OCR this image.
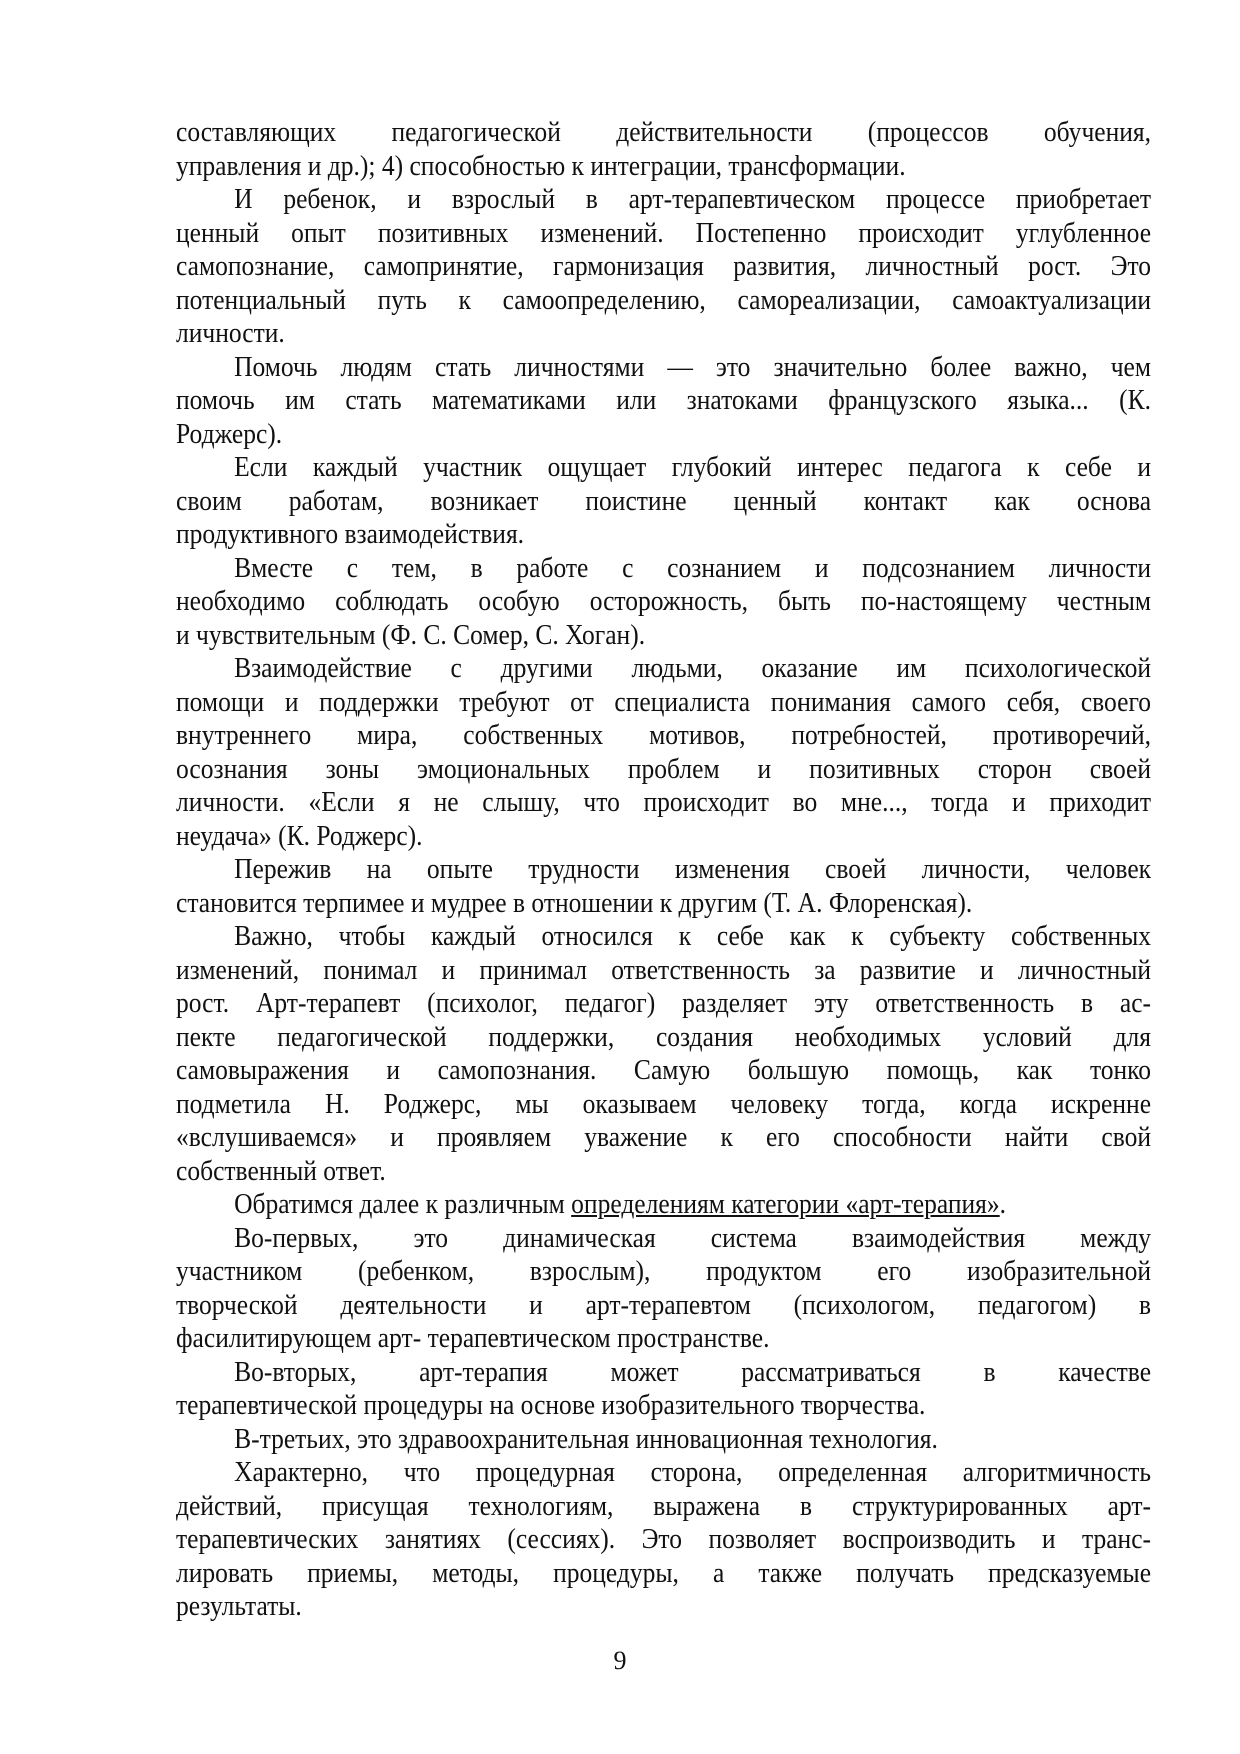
составляющих педагогической действительности (процессов обучения,
управления и др.); 4) способностью к интеграции, трансформации.
И ребенок, и взрослый в арт-терапевтическом процессе приобретает
ценный опыт позитивных изменений. Постепенно происходит углубленное
самопознание, самопринятие, гармонизация развития, личностный рост. Это
потенциальный путь к самоопределению, самореализации, самоактуализации
личности.
Помочь людям стать личностями — это значительно более важно, чем
помочь им стать математиками или знатоками французского языка... (К.
Роджерс).
Если каждый участник ощущает глубокий интерес педагога к себе и
своим работам, возникает поистине ценный контакт как основа
продуктивного взаимодействия.
Вместе с тем, в работе с сознанием и подсознанием личности
необходимо соблюдать особую осторожность, быть по-настоящему честным
и чувствительным (Ф. С. Сомер, С. Хоган).
Взаимодействие с другими людьми, оказание им психологической
помощи и поддержки требуют от специалиста понимания самого себя, своего
внутреннего мира, собственных мотивов, потребностей, противоречий,
осознания зоны эмоциональных проблем и позитивных сторон своей
личности. «Если я не слышу, что происходит во мне..., тогда и приходит
неудача» (К. Роджерс).
Пережив на опыте трудности изменения своей личности, человек
становится терпимее и мудрее в отношении к другим (Т. А. Флоренская).
Важно, чтобы каждый относился к себе как к субъекту собственных
изменений, понимал и принимал ответственность за развитие и личностный
рост. Арт-терапевт (психолог, педагог) разделяет эту ответственность в ас-
пекте педагогической поддержки, создания необходимых условий для
самовыражения и самопознания. Самую большую помощь, как тонко
подметила Н. Роджерс, мы оказываем человеку тогда, когда искренне
«вслушиваемся» и проявляем уважение к его способности найти свой
собственный ответ.
Обратимся далее к различным определениям категории «арт-терапия».
Во-первых, это динамическая система взаимодействия между
участником (ребенком, взрослым), продуктом его изобразительной
творческой деятельности и арт-терапевтом (психологом, педагогом) в
фасилитирующем арт- терапевтическом пространстве.
Во-вторых, арт-терапия может рассматриваться в качестве
терапевтической процедуры на основе изобразительного творчества.
В-третьих, это здравоохранительная инновационная технология.
Характерно, что процедурная сторона, определенная алгоритмичность
действий, присущая технологиям, выражена в структурированных арт-
терапевтических занятиях (сессиях). Это позволяет воспроизводить и транс-
лировать приемы, методы, процедуры, а также получать предсказуемые
результаты.
9
